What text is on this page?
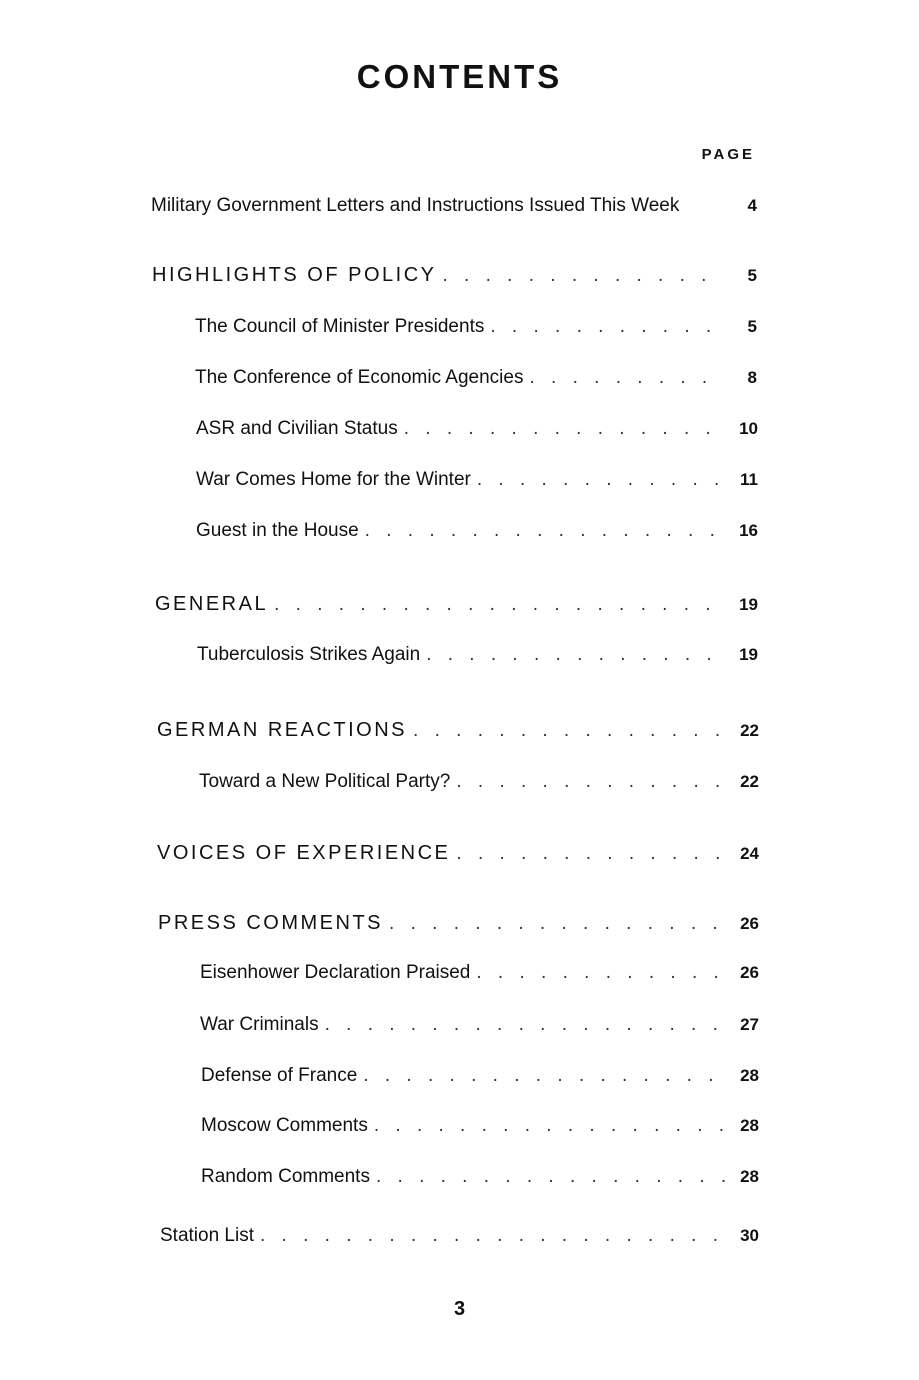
CONTENTS
PAGE
Military Government Letters and Instructions Issued This Week	4
HIGHLIGHTS OF POLICY . . .	5
The Council of Minister Presidents . . .	5
The Conference of Economic Agencies . . .	8
ASR and Civilian Status . . .	10
War Comes Home for the Winter . . .	11
Guest in the House . . .	16
GENERAL . . .	19
Tuberculosis Strikes Again . . .	19
GERMAN REACTIONS . . .	22
Toward a New Political Party? . . .	22
VOICES OF EXPERIENCE . . .	24
PRESS COMMENTS . . .	26
Eisenhower Declaration Praised . . .	26
War Criminals . . .	27
Defense of France . . .	28
Moscow Comments . . .	28
Random Comments . . .	28
Station List . . .	30
3
